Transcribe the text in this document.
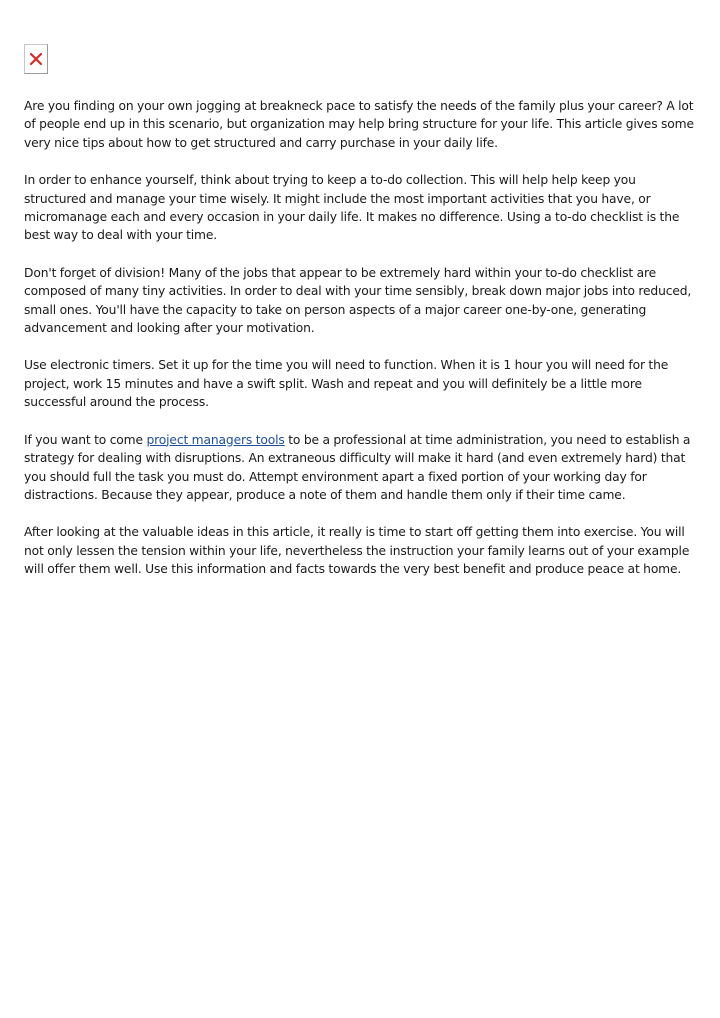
Are you finding on your own jogging at breakneck pace to satisfy the needs of the family plus your career? A lot of people end up in this scenario, but organization may help bring structure for your life. This article gives some very nice tips about how to get structured and carry purchase in your daily life.

In order to enhance yourself, think about trying to keep a to-do collection. This will help help keep you structured and manage your time wisely. It might include the most important activities that you have, or micromanage each and every occasion in your daily life. It makes no difference. Using a to-do checklist is the best way to deal with your time.

Don't forget of division! Many of the jobs that appear to be extremely hard within your to-do checklist are composed of many tiny activities. In order to deal with your time sensibly, break down major jobs into reduced, small ones. You'll have the capacity to take on person aspects of a major career one-by-one, generating advancement and looking after your motivation.

Use electronic timers. Set it up for the time you will need to function. When it is 1 hour you will need for the project, work 15 minutes and have a swift split. Wash and repeat and you will definitely be a little more successful around the process.

If you want to come project managers tools to be a professional at time administration, you need to establish a strategy for dealing with disruptions. An extraneous difficulty will make it hard (and even extremely hard) that you should full the task you must do. Attempt environment apart a fixed portion of your working day for distractions. Because they appear, produce a note of them and handle them only if their time came.

After looking at the valuable ideas in this article, it really is time to start off getting them into exercise. You will not only lessen the tension within your life, nevertheless the instruction your family learns out of your example will offer them well. Use this information and facts towards the very best benefit and produce peace at home.
